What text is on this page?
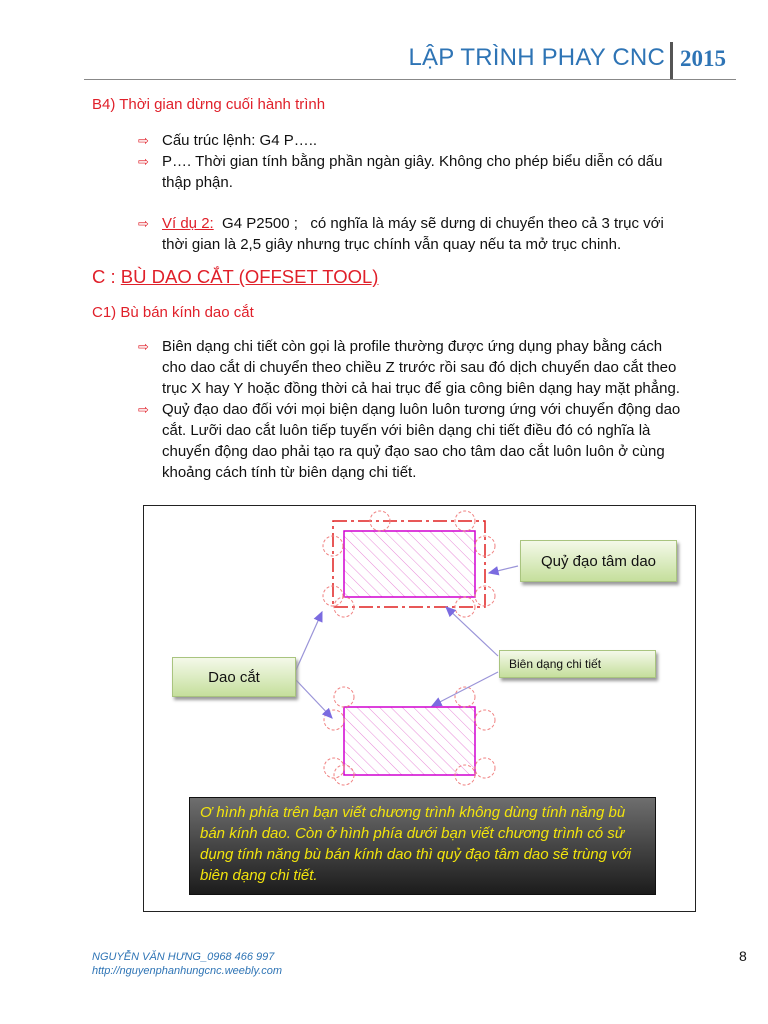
LẬP TRÌNH PHAY CNC 2015
B4) Thời gian dừng cuối hành trình
⇨ Cấu trúc lệnh: G4 P…..
⇨ P…. Thời gian tính bằng phần ngàn giây. Không cho phép biểu diễn có dấu
thập phận.
⇨ Ví dụ 2:  G4 P2500 ;   có nghĩa là máy sẽ dưng di chuyển theo cả 3 trục với
thời gian là 2,5 giây nhưng trục chính vẫn quay nếu ta mở trục chinh.
C : BÙ DAO CẮT (OFFSET TOOL)
C1) Bù bán kính dao cắt
⇨ Biên dạng chi tiết còn gọi là profile thường được ứng dụng phay bằng cách
cho dao cắt di chuyển theo chiều Z trước rồi sau đó dịch chuyển dao cắt theo
trục X hay Y hoặc đồng thời cả hai trục để gia công biên dạng hay mặt phẳng.
⇨ Quỷ đạo dao đối với mọi biện dạng luôn luôn tương ứng với chuyển động dao
cắt. Lưỡi dao cắt luôn tiếp tuyến với biên dạng chi tiết điều đó có nghĩa là
chuyển động dao phải tạo ra quỷ đạo sao cho tâm dao cắt luôn luôn ở cùng
khoảng cách tính từ biên dạng chi tiết.
Quỷ đạo tâm dao
Dao cắt
Biên dạng chi tiết
Ơ hình phía trên bạn viết chương trình không dùng tính năng bù bán kính dao. Còn ở hình phía dưới bạn viết chương trình có sử dụng tính năng bù bán kính dao thì quỷ đạo tâm dao sẽ trùng với biên dạng chi tiết.
NGUYỄN VĂN HƯNG_0968 466 997
http://nguyenphanhungcnc.weebly.com
8
